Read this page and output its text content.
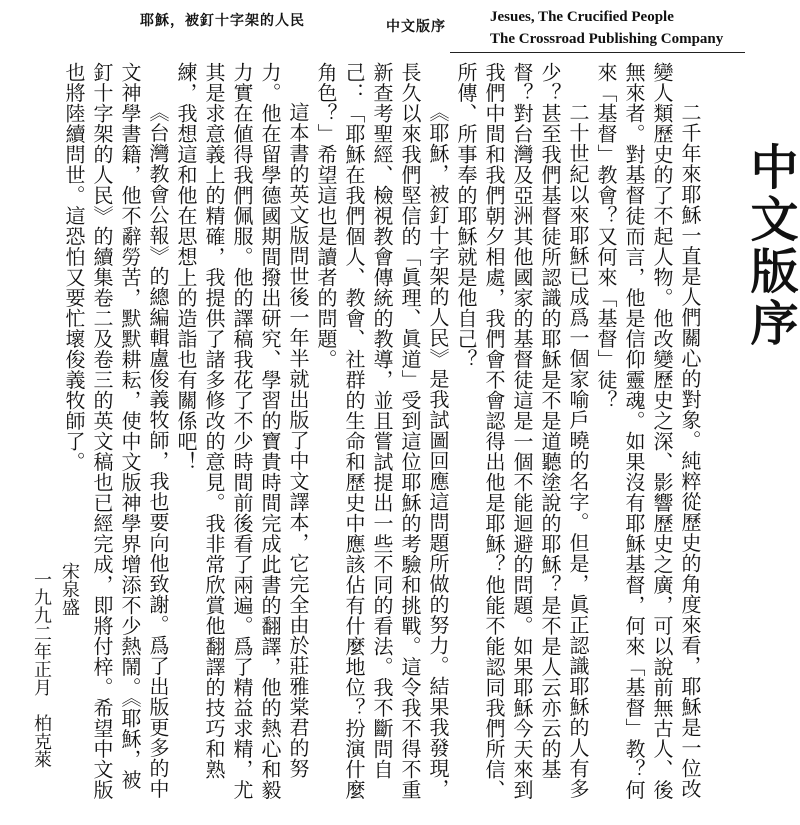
耶穌，被釘十字架的人民	中文版序
Jesues, The Crucified People
The Crossroad Publishing Company
中文版序

二千年來耶穌一直是人們關心的對象。純粹從歷史的角度來看，耶穌是一位改變人類歷史的了不起人物。他改變歷史之深、影響歷史之廣，可以說前無古人、後無來者。對基督徒而言，他是信仰靈魂。如果沒有耶穌基督，何來「基督」教？何來「基督」教會？又何來「基督」徒？

二十世紀以來耶穌已成爲一個家喻戶曉的名字。但是，眞正認識耶穌的人有多少？甚至我們基督徒所認識的耶穌是不是道聽塗說的耶穌？是不是人云亦云的基督？對台灣及亞洲其他國家的基督徒這是一個不能迴避的問題。如果耶穌今天來到我們中間和我們朝夕相處，我們會不會認得出他是耶穌？他能不能認同我們所信、所傳、所事奉的耶穌就是他自己？

《耶穌，被釘十字架的人民》是我試圖回應這問題所做的努力。結果我發現，長久以來我們堅信的「眞理、眞道」受到這位耶穌的考驗和挑戰。這令我不得不重新查考聖經、檢視教會傳統的教導，並且嘗試提出一些不同的看法。我不斷問自己：「耶穌在我們個人、教會、社群的生命和歷史中應該佔有什麼地位？扮演什麼角色？」希望這也是讀者的問題。

這本書的英文版問世後一年半就出版了中文譯本，它完全由於莊雅棠君的努力。他在留學德國期間撥出研究、學習的寶貴時間完成此書的翻譯，他的熱心和毅力實在値得我們佩服。他的譯稿我花了不少時間前後看了兩遍。爲了精益求精，尤其是求意義上的精確，我提供了諸多修改的意見。我非常欣賞他翻譯的技巧和熟練，我想這和他在思想上的造詣也有關係吧！

《台灣教會公報》的總編輯盧俊義牧師，我也要向他致謝。爲了出版更多的中文神學書籍，他不辭勞苦，默默耕耘，使中文版神學界增添不少熱鬧。《耶穌，被釘十字架的人民》的續集卷二及卷三的英文稿也已經完成，即將付梓。希望中文版也將陸續問世。這恐怕又要忙壞俊義牧師了。

宋泉盛
一九九二年正月　柏克萊
